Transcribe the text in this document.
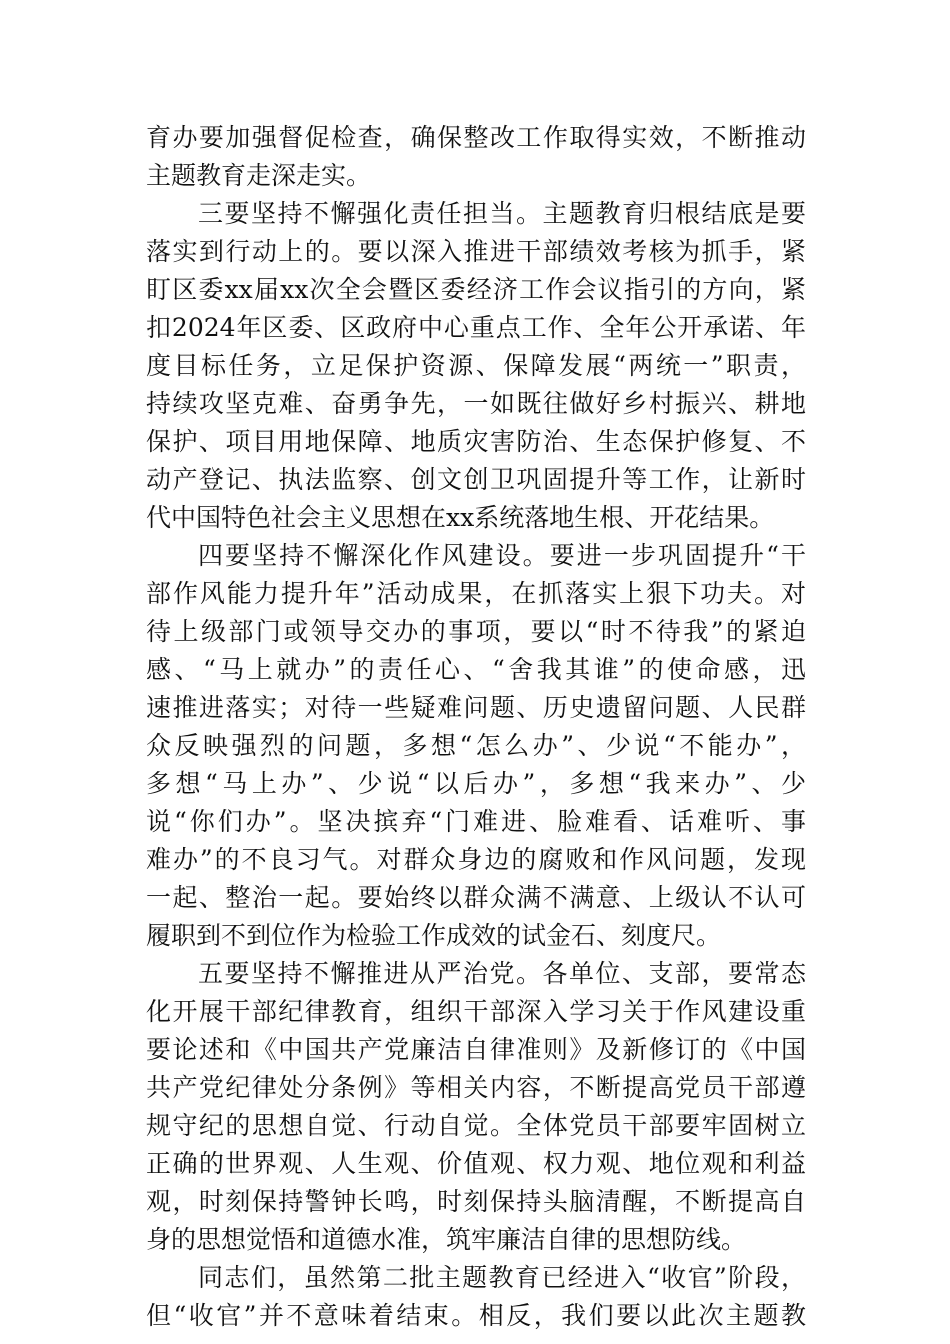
育办要加强督促检查，确保整改工作取得实效，不断推动
主题教育走深走实。
三要坚持不懈强化责任担当。主题教育归根结底是要
落实到行动上的。要以深入推进干部绩效考核为抓手，紧
盯区委xx届xx次全会暨区委经济工作会议指引的方向，紧
扣2024年区委、区政府中心重点工作、全年公开承诺、年
度目标任务，立足保护资源、保障发展“两统一”职责，
持续攻坚克难、奋勇争先，一如既往做好乡村振兴、耕地
保护、项目用地保障、地质灾害防治、生态保护修复、不
动产登记、执法监察、创文创卫巩固提升等工作，让新时
代中国特色社会主义思想在xx系统落地生根、开花结果。
四要坚持不懈深化作风建设。要进一步巩固提升“干
部作风能力提升年”活动成果，在抓落实上狠下功夫。对
待上级部门或领导交办的事项，要以“时不待我”的紧迫
感、“马上就办”的责任心、“舍我其谁”的使命感，迅
速推进落实；对待一些疑难问题、历史遗留问题、人民群
众反映强烈的问题，多想“怎么办”、少说“不能办”，
多想“马上办”、少说“以后办”，多想“我来办”、少
说“你们办”。坚决摈弃“门难进、脸难看、话难听、事
难办”的不良习气。对群众身边的腐败和作风问题，发现
一起、整治一起。要始终以群众满不满意、上级认不认可
履职到不到位作为检验工作成效的试金石、刻度尺。
五要坚持不懈推进从严治党。各单位、支部，要常态
化开展干部纪律教育，组织干部深入学习关于作风建设重
要论述和《中国共产党廉洁自律准则》及新修订的《中国
共产党纪律处分条例》等相关内容，不断提高党员干部遵
规守纪的思想自觉、行动自觉。全体党员干部要牢固树立
正确的世界观、人生观、价值观、权力观、地位观和利益
观，时刻保持警钟长鸣，时刻保持头脑清醒，不断提高自
身的思想觉悟和道德水准，筑牢廉洁自律的思想防线。
同志们，虽然第二批主题教育已经进入“收官”阶段，
但“收官”并不意味着结束。相反，我们要以此次主题教
